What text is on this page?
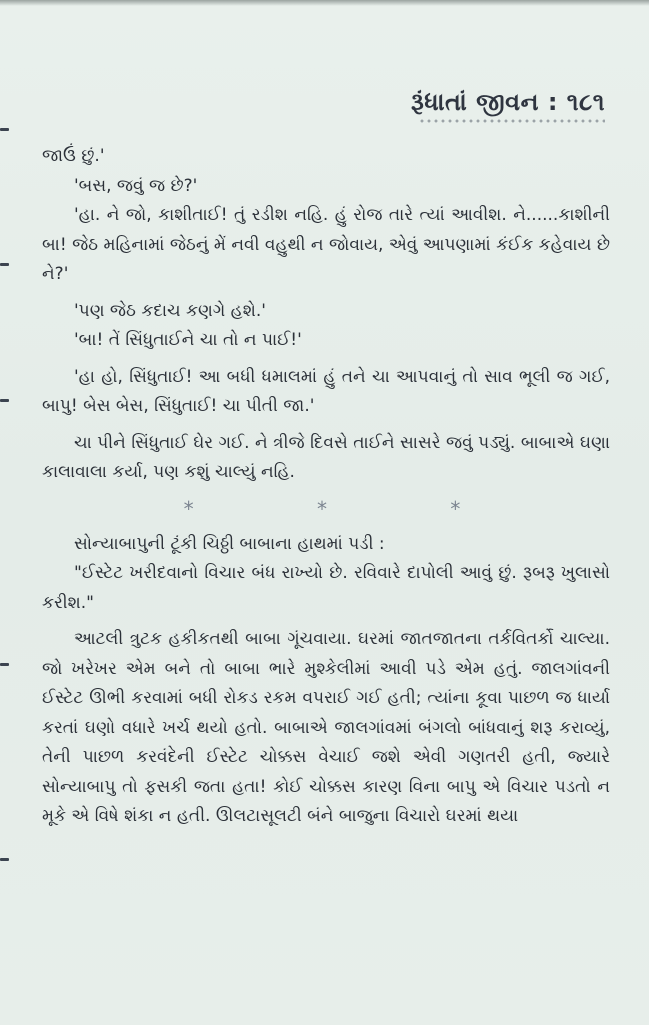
રૂંધાતાં જીવન : ૧૮૧

જાઉં છું.'

'બસ, જવું જ છે?'

'હા. ને જો, કાશીતાઈ! તું રડીશ નહિ. હું રોજ તારે ત્યાં આવીશ. ને......કાશીની બા! જેઠ મહિનામાં જેઠનું મેં નવી વહુથી ન જોવાય, એવું આપણામાં કંઈક કહેવાય છે ને?'

'પણ જેઠ કદાચ કણગે હશે.'

'બા! તેં સિંધુતાઈને ચા તો ન પાઈ!'

'હા હો, સિંધુતાઈ! આ બધી ધમાલમાં હું તને ચા આપવાનું તો સાવ ભૂલી જ ગઈ, બાપુ! બેસ બેસ, સિંધુતાઈ! ચા પીતી જા.'

ચા પીને સિંધુતાઈ ઘેર ગઈ. ને ત્રીજે દિવસે તાઈને સાસરે જવું પડ્યું. બાબાએ ઘણા કાલાવાલા કર્યા, પણ કશું ચાલ્યું નહિ.

*	*	*

સોન્યાબાપુની ટૂંકી ચિઠ્ઠી બાબાના હાથમાં પડી :

"ઈસ્ટેટ ખરીદવાનો વિચાર બંધ રાખ્યો છે. રવિવારે દાપોલી આવું છું. રૂબરૂ ખુલાસો કરીશ."

આટલી ત્રુટક હકીકતથી બાબા ગૂંચવાયા. ઘરમાં જાતજાતના તર્કવિતર્કો ચાલ્યા. જો ખરેખર એમ બને તો બાબા ભારે મુશ્કેલીમાં આવી પડે એમ હતું. જાલગાંવની ઈસ્ટેટ ઊભી કરવામાં બધી રોકડ રકમ વપરાઈ ગઈ હતી; ત્યાંના કૂવા પાછળ જ ધાર્યા કરતાં ઘણો વધારે ખર્ચ થયો હતો. બાબાએ જાલગાંવમાં બંગલો બાંધવાનું શરૂ કરાવ્યું, તેની પાછળ કરવંદેની ઈસ્ટેટ ચોક્કસ વેચાઈ જશે એવી ગણતરી હતી, જ્યારે સોન્યાબાપુ તો ફસકી જતા હતા! કોઈ ચોક્કસ કારણ વિના બાપુ એ વિચાર પડતો ન મૂકે એ વિષે શંકા ન હતી. ઊલટાસૂલટી બંને બાજુના વિચારો ઘરમાં થયા
